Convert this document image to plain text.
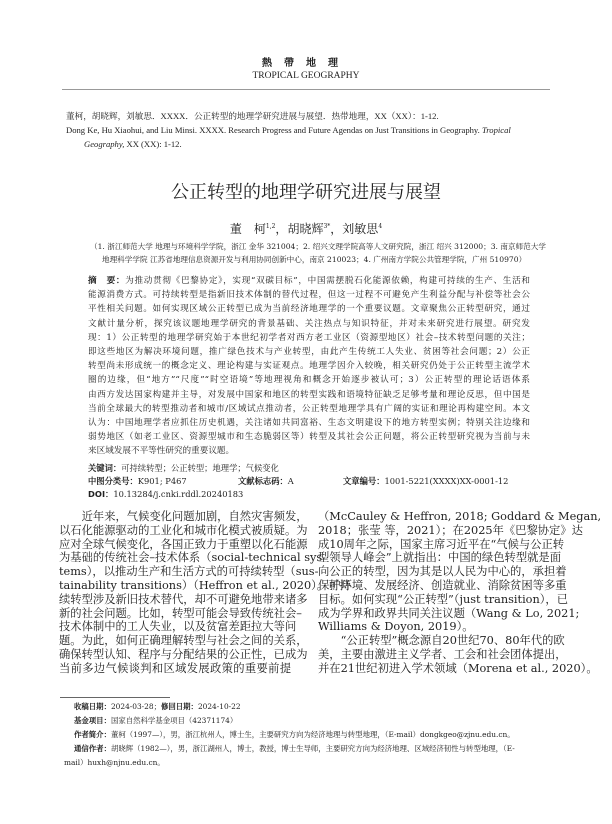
熱帶地理
TROPICAL GEOGRAPHY
董柯，胡晓辉，刘敏思．XXXX．公正转型的地理学研究进展与展望．热带地理，XX（XX）：1-12.
Dong Ke, Hu Xiaohui, and Liu Minsi. XXXX. Research Progress and Future Agendas on Just Transitions in Geography. Tropical
Geography, XX (XX): 1-12.
公正转型的地理学研究进展与展望
董　柯$^{1,2}$，胡晓辉$^{3*}$，刘敏思$^4$
（1. 浙江师范大学 地理与环境科学学院，浙江 金华 321004；2. 绍兴文理学院高等人文研究院，浙江 绍兴 312000；3. 南京师范大学
地理科学学院 江苏省地理信息资源开发与利用协同创新中心，南京 210023；4. 广州南方学院公共管理学院，广州 510970）
摘　要：为推动贯彻《巴黎协定》，实现“双碳目标”，中国需摆脱石化能源依赖，构建可持续的生产、生活和
能源消费方式。可持续转型是指新旧技术体制的替代过程，但这一过程不可避免产生利益分配与补偿等社会公
平性相关问题。如何实现区域公正转型已成为当前经济地理学的一个重要议题。文章聚焦公正转型研究，通过
文献计量分析，探究该议题地理学研究的背景基础、关注热点与知识特征，并对未来研究进行展望。研究发
现：1）公正转型的地理学研究始于本世纪初学者对西方老工业区（资源型地区）社会–技术转型问题的关注；
即这些地区为解决环境问题，推广绿色技术与产业转型，由此产生传统工人失业、贫困等社会问题；2）公正
转型尚未形成统一的概念定义、理论构建与实证观点。地理学因介入较晚，相关研究仍处于公正转型主流学术
圈的边缘，但“地方”“尺度”“时空语境”等地理视角和概念开始逐步被认可；3）公正转型的理论话语体系
由西方发达国家构建并主导，对发展中国家和地区的转型实践和语境特征缺乏足够考量和理论反思，但中国是
当前全球最大的转型推动者和城市/区域试点推动者，公正转型地理学具有广阔的实证和理论再构建空间。本文
认为：中国地理学者应抓住历史机遇，关注诸如共同富裕、生态文明建设下的地方转型实例；特别关注边缘和
弱势地区（如老工业区、资源型城市和生态脆弱区等）转型及其社会公正问题，将公正转型研究视为当前与未
来区域发展不平等性研究的重要议题。
关键词：可持续转型；公正转型；地理学；气候变化
中图分类号：K901; P467	文献标志码：A	文章编号：1001-5221(XXXX)XX-0001-12
DOI：10.13284/j.cnki.rddl.20240183
近年来，气候变化问题加剧，自然灾害频发，
以石化能源驱动的工业化和城市化模式被质疑。为
应对全球气候变化，各国正致力于重塑以化石能源
为基础的传统社会–技术体系（social-technical sys-
tems），以推动生产和生活方式的可持续转型（sus-
tainability transitions）（Heffron et al., 2020）。可持
续转型涉及新旧技术替代，却不可避免地带来诸多
新的社会问题。比如，转型可能会导致传统社会–
技术体制中的工人失业，以及贫富差距拉大等问
题。为此，如何正确理解转型与社会之间的关系，
确保转型认知、程序与分配结果的公正性，已成为
当前多边气候谈判和区域发展政策的重要前提
（McCauley & Heffron, 2018; Goddard & Megan,
2018；张莹 等，2021）；在2025年《巴黎协定》达
成10周年之际，国家主席习近平在“气候与公正转
型领导人峰会”上就指出：中国的绿色转型就是面
向公正的转型，因为其是以人民为中心的，承担着
保护环境、发展经济、创造就业、消除贫困等多重
目标。如何实现“公正转型”（just transition），已
成为学界和政界共同关注议题（Wang & Lo, 2021;
Williams & Doyon, 2019）。
“公正转型”概念源自20世纪70、80年代的欧
美，主要由激进主义学者、工会和社会团体提出，
并在21世纪初进入学术领域（Morena et al., 2020）。
收稿日期：2024-03-28；修回日期：2024-10-22
基金项目：国家自然科学基金项目（42371174）
作者简介：董柯（1997—），男，浙江杭州人，博士生，主要研究方向为经济地理与转型地理，（E-mail）dongkgeo@zjnu.edu.cn。
通信作者：胡晓辉（1982—），男，浙江湖州人，博士，教授，博士生导师，主要研究方向为经济地理、区域经济韧性与转型地理，（E-
mail）huxh@njnu.edu.cn。
